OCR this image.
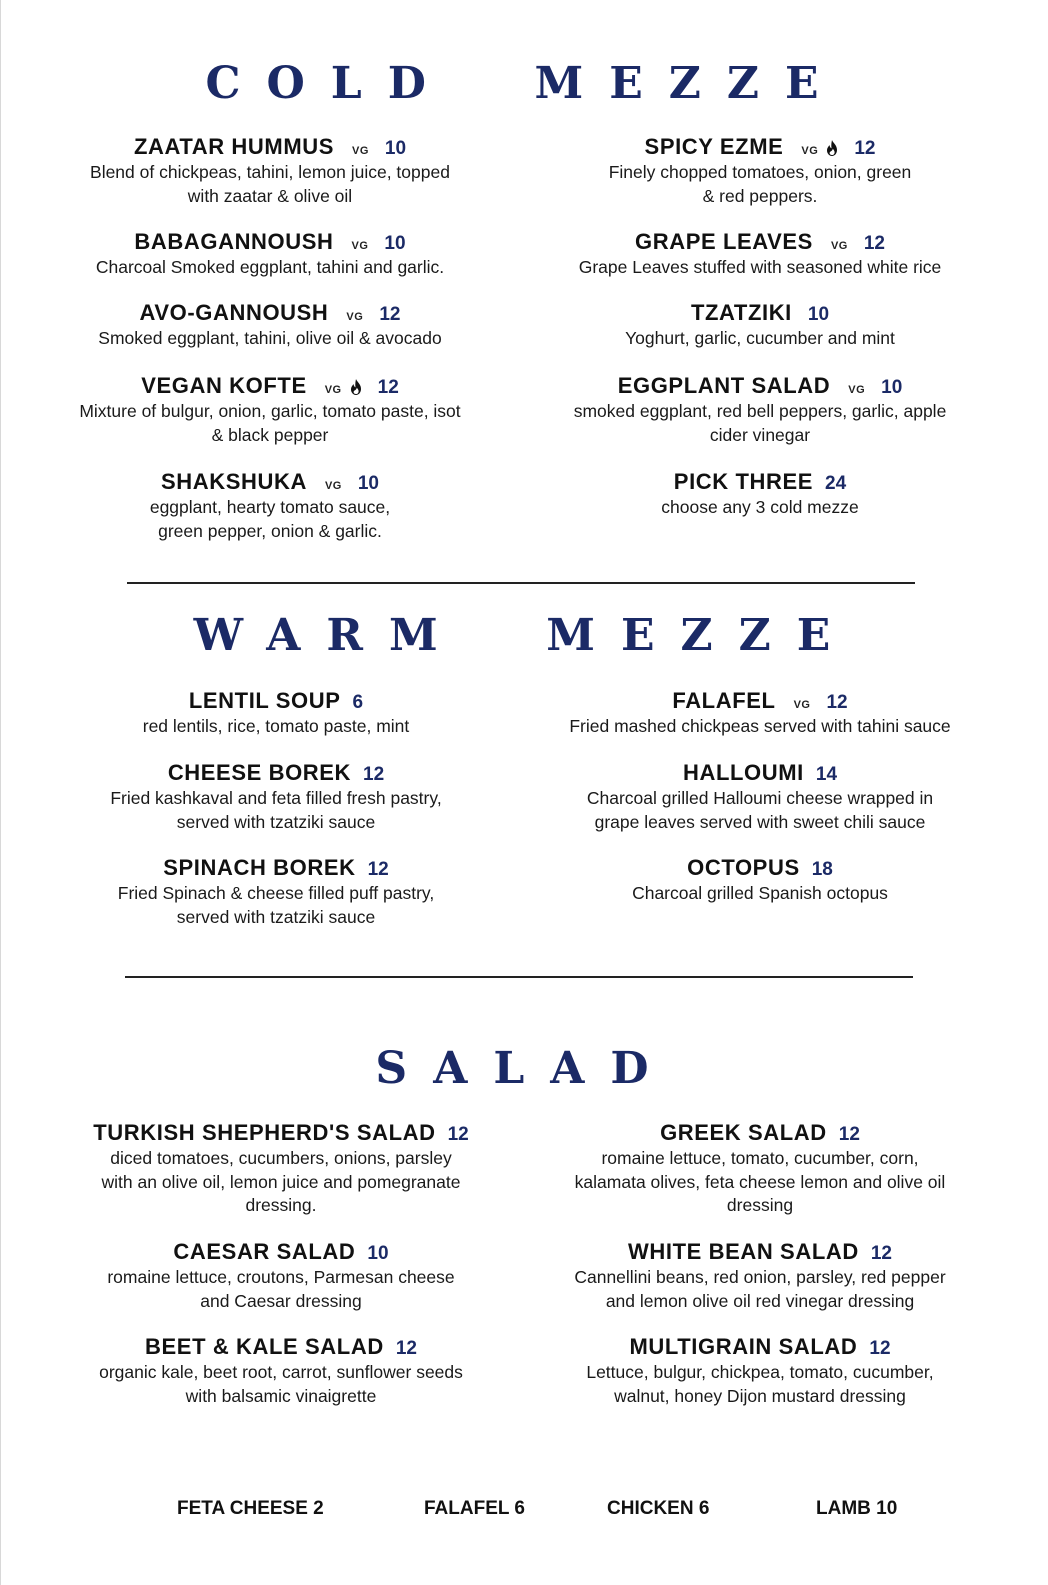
COLD  MEZZE
ZAATAR HUMMUS VG 10
Blend of chickpeas, tahini, lemon juice, topped
with zaatar & olive oil
BABAGANNOUSH VG 10
Charcoal Smoked eggplant, tahini and garlic.
AVO-GANNOUSH VG 12
Smoked eggplant, tahini, olive oil & avocado
VEGAN KOFTE VG 12
Mixture of bulgur, onion, garlic, tomato paste, isot
& black pepper
SHAKSHUKA VG 10
eggplant, hearty tomato sauce,
green pepper, onion & garlic.
SPICY EZME VG 12
Finely chopped tomatoes, onion, green
& red peppers.
GRAPE LEAVES VG 12
Grape Leaves stuffed with seasoned white rice
TZATZIKI 10
Yoghurt, garlic, cucumber and mint
EGGPLANT SALAD VG 10
smoked eggplant, red bell peppers, garlic, apple
cider vinegar
PICK THREE 24
choose any 3 cold mezze
WARM  MEZZE
LENTIL SOUP 6
red lentils, rice, tomato paste, mint
CHEESE BOREK 12
Fried kashkaval and feta filled fresh pastry,
served with tzatziki sauce
SPINACH BOREK 12
Fried Spinach & cheese filled puff pastry,
served with tzatziki sauce
FALAFEL VG 12
Fried mashed chickpeas served with tahini sauce
HALLOUMI 14
Charcoal grilled Halloumi cheese wrapped in
grape leaves served with sweet chili sauce
OCTOPUS 18
Charcoal grilled Spanish octopus
SALAD
TURKISH SHEPHERD'S SALAD 12
diced tomatoes, cucumbers, onions, parsley
with an olive oil, lemon juice and pomegranate
dressing.
CAESAR SALAD 10
romaine lettuce, croutons, Parmesan cheese
and Caesar dressing
BEET & KALE SALAD 12
organic kale, beet root, carrot, sunflower seeds
with balsamic vinaigrette
GREEK SALAD 12
romaine lettuce, tomato, cucumber, corn,
kalamata olives, feta cheese lemon and olive oil
dressing
WHITE BEAN SALAD 12
Cannellini beans, red onion, parsley, red pepper
and lemon olive oil red vinegar dressing
MULTIGRAIN SALAD 12
Lettuce, bulgur, chickpea, tomato, cucumber,
walnut, honey Dijon mustard dressing
FETA CHEESE 2	FALAFEL 6	CHICKEN 6	LAMB 10
